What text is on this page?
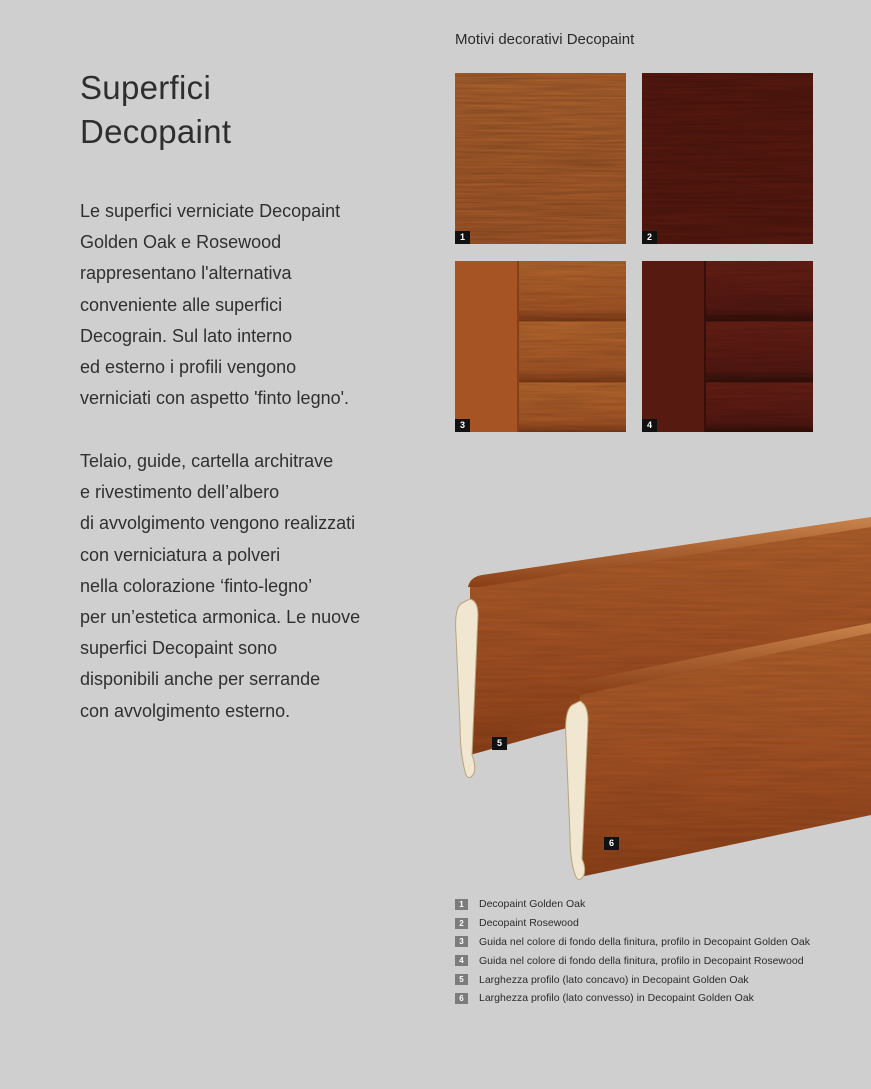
Superfici
Decopaint

Le superfici verniciate Decopaint
Golden Oak e Rosewood
rappresentano l'alternativa
conveniente alle superfici
Decograin. Sul lato interno
ed esterno i profili vengono
verniciati con aspetto 'finto legno'.

Telaio, guide, cartella architrave
e rivestimento dell’albero
di avvolgimento vengono realizzati
con verniciatura a polveri
nella colorazione ‘finto-legno’
per un’estetica armonica. Le nuove
superfici Decopaint sono
disponibili anche per serrande
con avvolgimento esterno.

Motivi decorativi Decopaint

1	2
3	4
5
6
1	Decopaint Golden Oak
2	Decopaint Rosewood
3	Guida nel colore di fondo della finitura, profilo in Decopaint Golden Oak
4	Guida nel colore di fondo della finitura, profilo in Decopaint Rosewood
5	Larghezza profilo (lato concavo) in Decopaint Golden Oak
6	Larghezza profilo (lato convesso) in Decopaint Golden Oak
